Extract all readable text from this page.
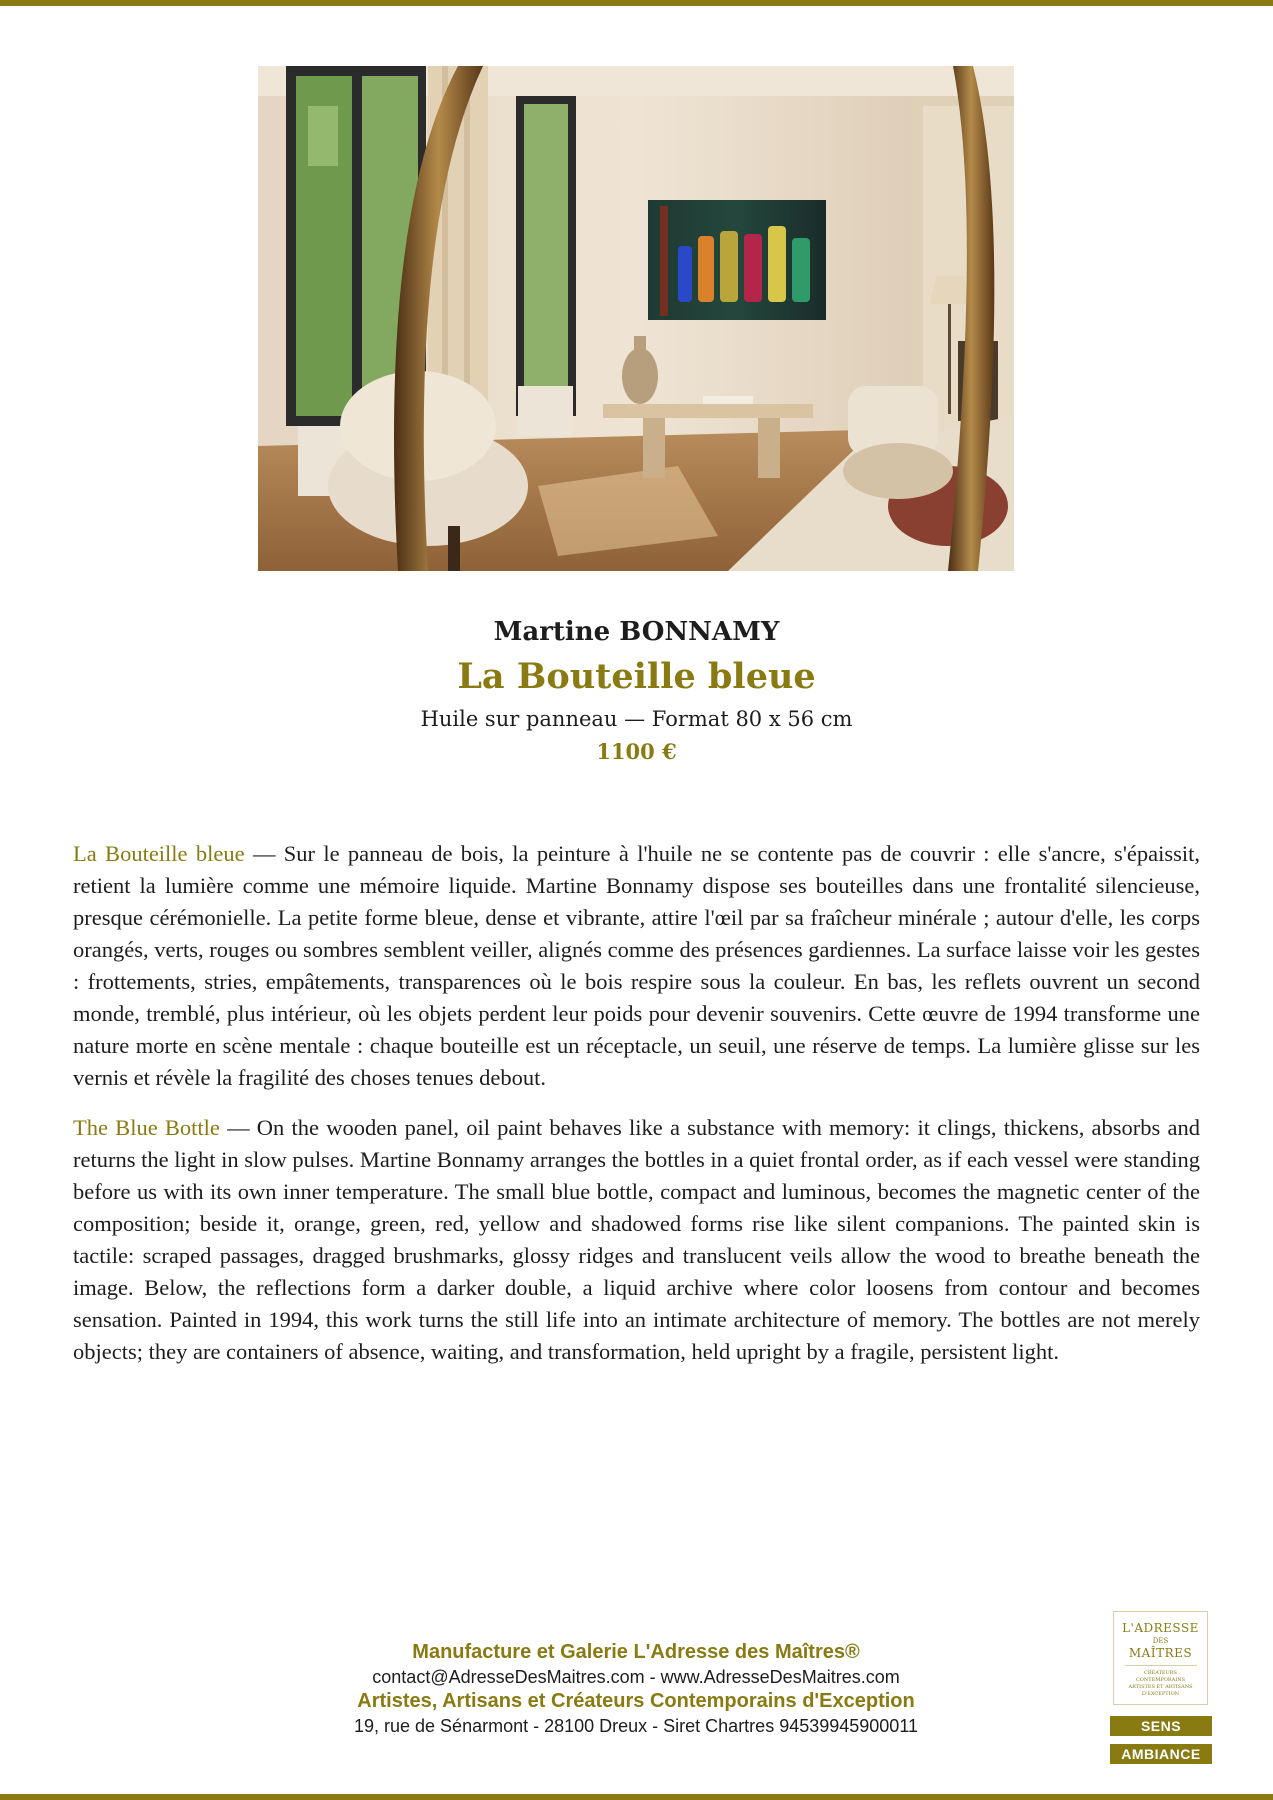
Martine BONNAMY
La Bouteille bleue
Huile sur panneau — Format 80 x 56 cm
1100 €

La Bouteille bleue — Sur le panneau de bois, la peinture à l'huile ne se contente pas de couvrir : elle s'ancre, s'épaissit, retient la lumière comme une mémoire liquide. Martine Bonnamy dispose ses bouteilles dans une frontalité silencieuse, presque cérémonielle. La petite forme bleue, dense et vibrante, attire l'œil par sa fraîcheur minérale ; autour d'elle, les corps orangés, verts, rouges ou sombres semblent veiller, alignés comme des présences gardiennes. La surface laisse voir les gestes : frottements, stries, empâtements, transparences où le bois respire sous la couleur. En bas, les reflets ouvrent un second monde, tremblé, plus intérieur, où les objets perdent leur poids pour devenir souvenirs. Cette œuvre de 1994 transforme une nature morte en scène mentale : chaque bouteille est un réceptacle, un seuil, une réserve de temps. La lumière glisse sur les vernis et révèle la fragilité des choses tenues debout.

The Blue Bottle — On the wooden panel, oil paint behaves like a substance with memory: it clings, thickens, absorbs and returns the light in slow pulses. Martine Bonnamy arranges the bottles in a quiet frontal order, as if each vessel were standing before us with its own inner temperature. The small blue bottle, compact and luminous, becomes the magnetic center of the composition; beside it, orange, green, red, yellow and shadowed forms rise like silent companions. The painted skin is tactile: scraped passages, dragged brushmarks, glossy ridges and translucent veils allow the wood to breathe beneath the image. Below, the reflections form a darker double, a liquid archive where color loosens from contour and becomes sensation. Painted in 1994, this work turns the still life into an intimate architecture of memory. The bottles are not merely objects; they are containers of absence, waiting, and transformation, held upright by a fragile, persistent light.

Manufacture et Galerie L'Adresse des Maîtres®
contact@AdresseDesMaitres.com - www.AdresseDesMaitres.com
Artistes, Artisans et Créateurs Contemporains d'Exception
19, rue de Sénarmont - 28100 Dreux - Siret Chartres 94539945900011
L'ADRESSE
DES
MAÎTRES
CRÉATEURS CONTEMPORAINS ARTISTES ET ARTISANS D'EXCEPTION
SENS
AMBIANCE
